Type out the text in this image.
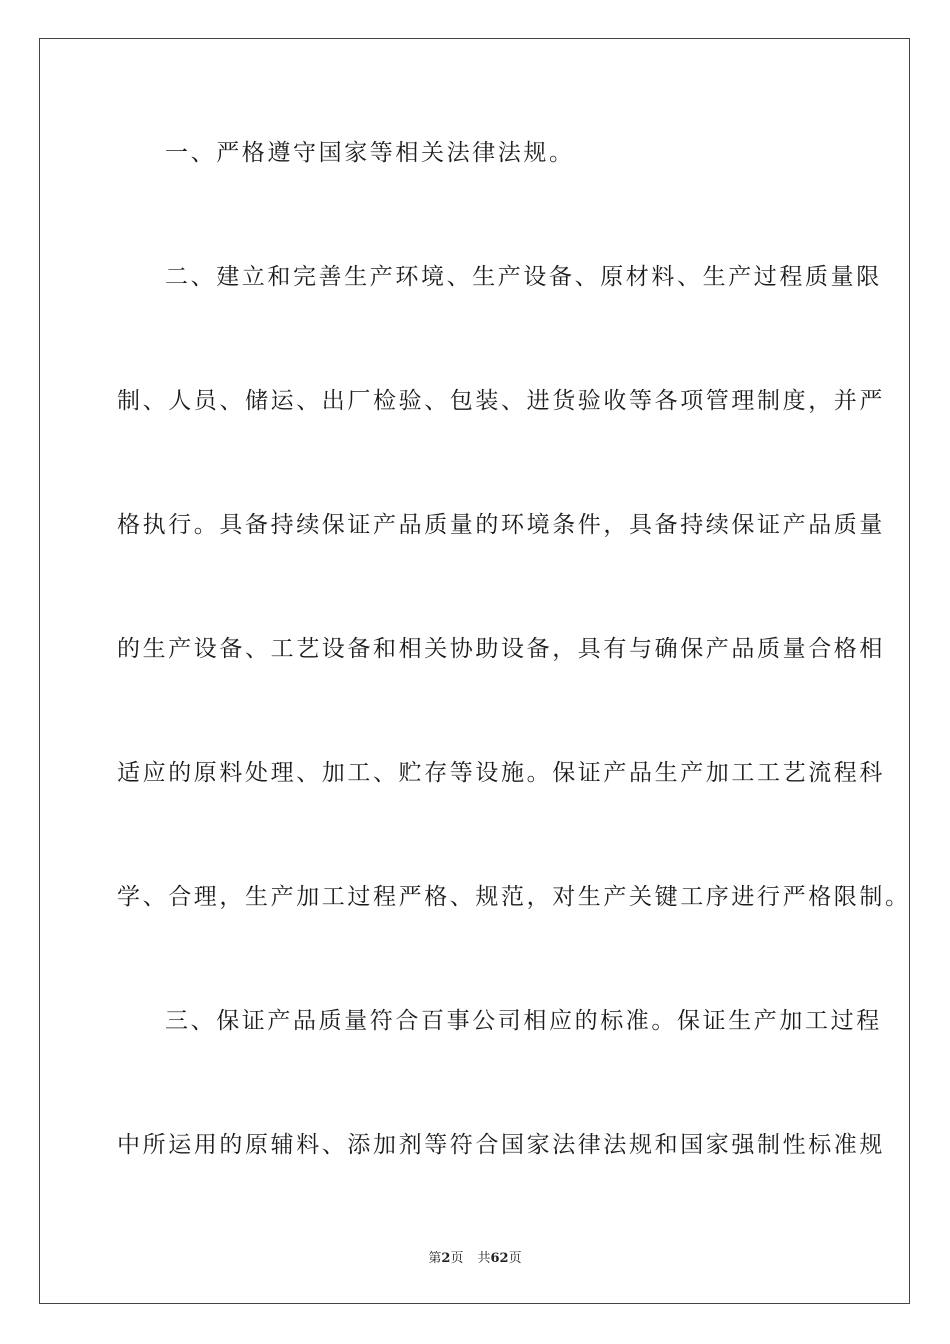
一、严格遵守国家等相关法律法规。
二、建立和完善生产环境、生产设备、原材料、生产过程质量限
制、人员、储运、出厂检验、包装、进货验收等各项管理制度，并严
格执行。具备持续保证产品质量的环境条件，具备持续保证产品质量
的生产设备、工艺设备和相关协助设备，具有与确保产品质量合格相
适应的原料处理、加工、贮存等设施。保证产品生产加工工艺流程科
学、合理，生产加工过程严格、规范，对生产关键工序进行严格限制。
三、保证产品质量符合百事公司相应的标准。保证生产加工过程
中所运用的原辅料、添加剂等符合国家法律法规和国家强制性标准规
第2页 共62页
